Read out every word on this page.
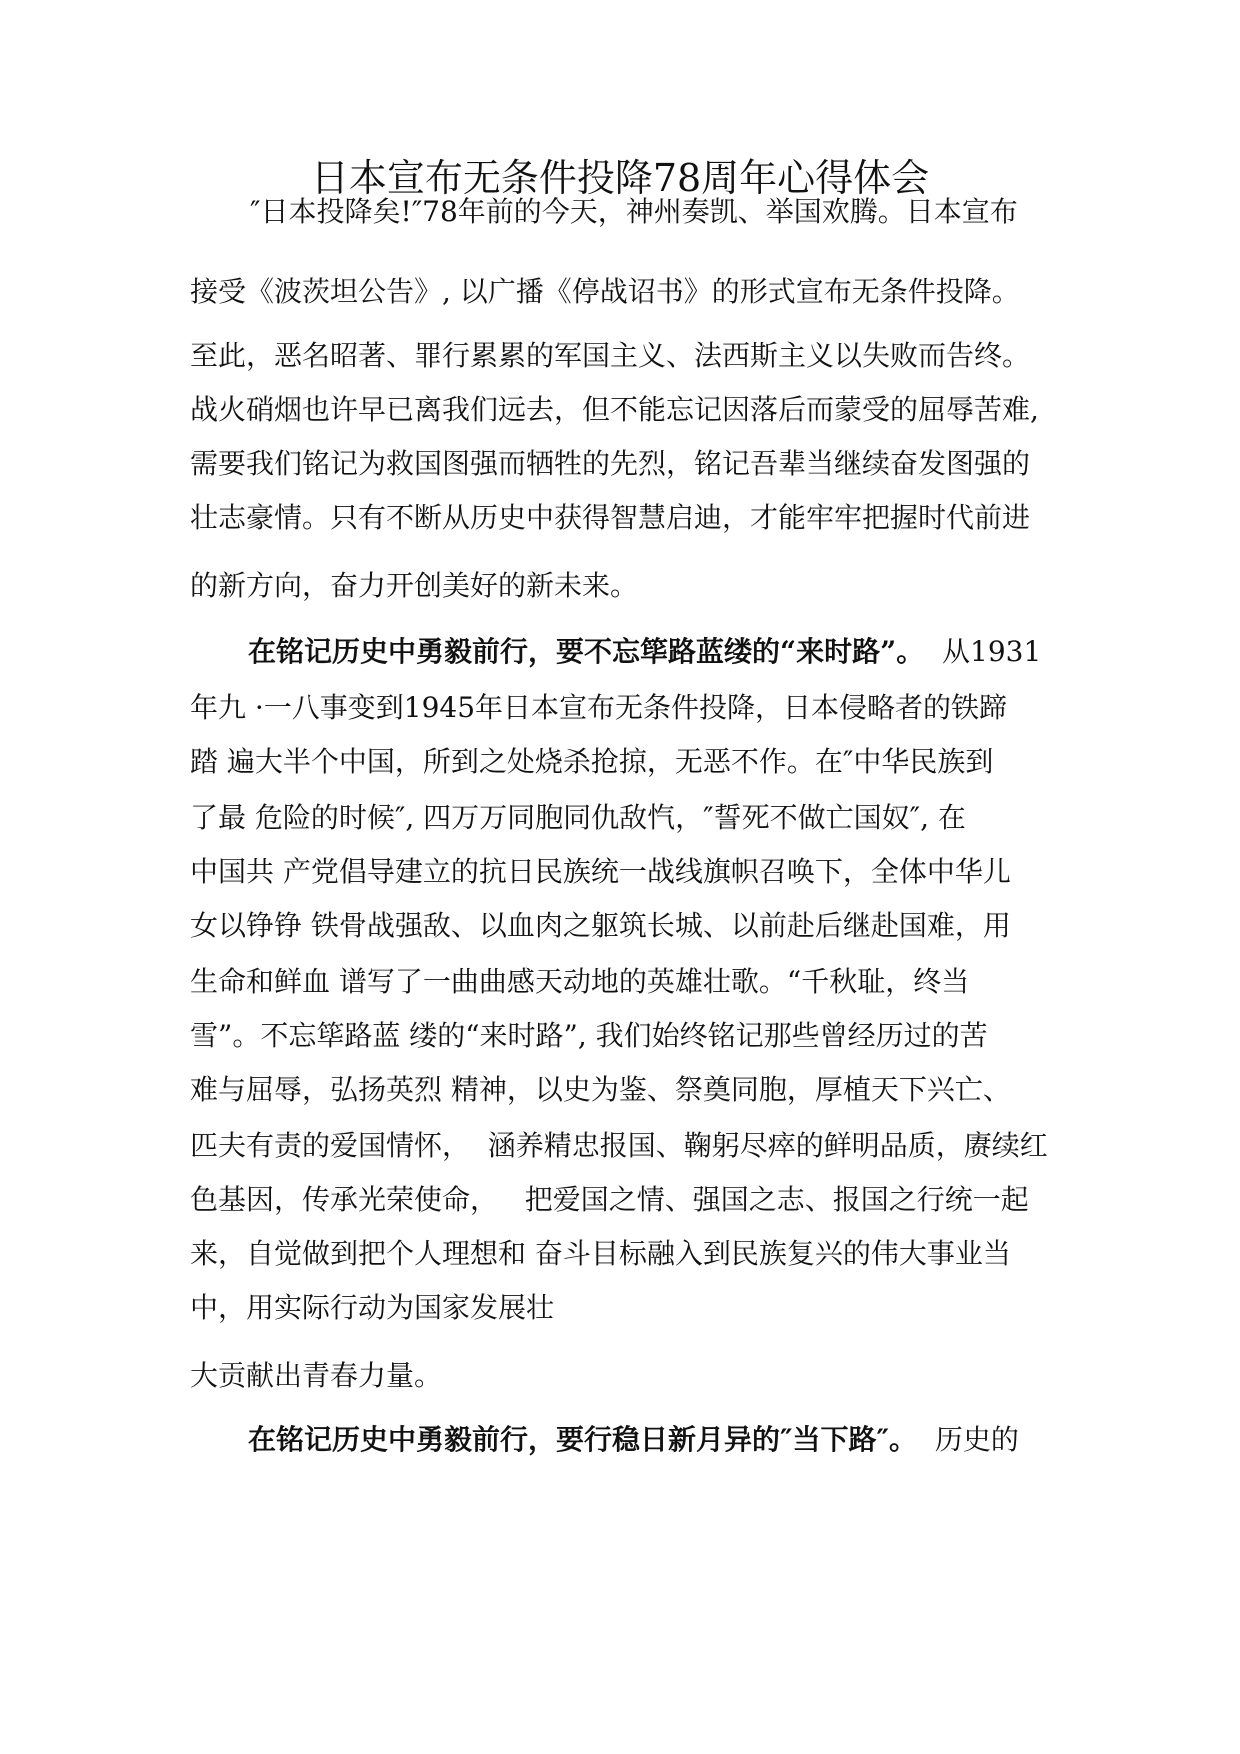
日本宣布无条件投降78周年心得体会

″日本投降矣!″78年前的今天，神州奏凯、举国欢腾。日本宣布

接受《波茨坦公告》, 以广播《停战诏书》的形式宣布无条件投降。

至此，恶名昭著、罪行累累的军国主义、法西斯主义以失败而告终。

战火硝烟也许早已离我们远去，但不能忘记因落后而蒙受的屈辱苦难,

需要我们铭记为救国图强而牺牲的先烈，铭记吾辈当继续奋发图强的

壮志豪情。只有不断从历史中获得智慧启迪，才能牢牢把握时代前进

的新方向，奋力开创美好的新未来。

在铭记历史中勇毅前行，要不忘筚路蓝缕的“来时路”。  从1931

年九 ·一八事变到1945年日本宣布无条件投降，日本侵略者的铁蹄

踏 遍大半个中国，所到之处烧杀抢掠，无恶不作。在″中华民族到

了最 危险的时候″, 四万万同胞同仇敌忾，″誓死不做亡国奴″, 在

中国共 产党倡导建立的抗日民族统一战线旗帜召唤下，全体中华儿

女以铮铮 铁骨战强敌、以血肉之躯筑长城、以前赴后继赴国难，用

生命和鲜血 谱写了一曲曲感天动地的英雄壮歌。“千秋耻，终当

雪”。不忘筚路蓝 缕的“来时路”, 我们始终铭记那些曾经历过的苦

难与屈辱，弘扬英烈 精神，以史为鉴、祭奠同胞，厚植天下兴亡、

匹夫有责的爱国情怀，  涵养精忠报国、鞠躬尽瘁的鲜明品质，赓续红

色基因，传承光荣使命，   把爱国之情、强国之志、报国之行统一起

来，自觉做到把个人理想和 奋斗目标融入到民族复兴的伟大事业当

中，用实际行动为国家发展壮

大贡献出青春力量。

在铭记历史中勇毅前行，要行稳日新月异的″当下路″。  历史的
